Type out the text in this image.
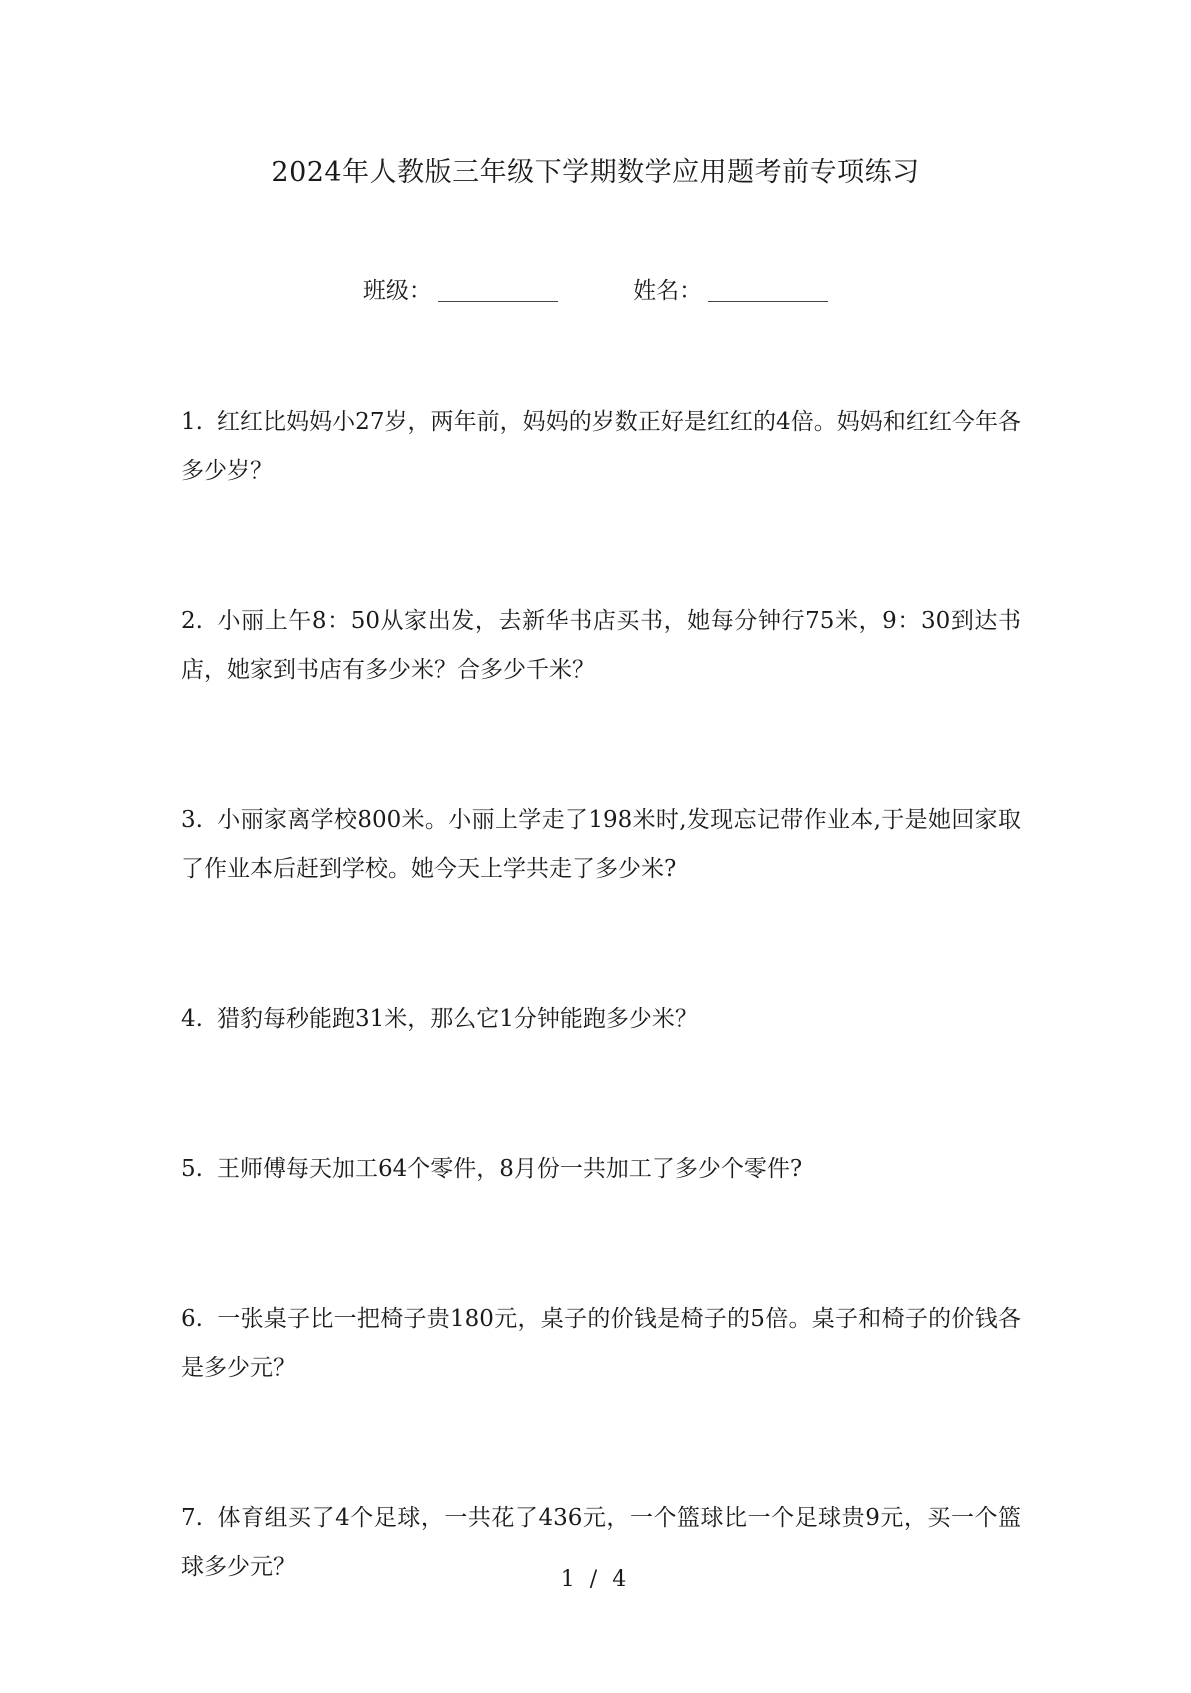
2024年人教版三年级下学期数学应用题考前专项练习
班级：	姓名：
1. 红红比妈妈小27岁，两年前，妈妈的岁数正好是红红的4倍。妈妈和红红今年各多少岁？
2. 小丽上午8：50从家出发，去新华书店买书，她每分钟行75米，9：30到达书店，她家到书店有多少米？合多少千米？
3. 小丽家离学校800米。小丽上学走了198米时,发现忘记带作业本,于是她回家取了作业本后赶到学校。她今天上学共走了多少米?
4. 猎豹每秒能跑31米，那么它1分钟能跑多少米？
5. 王师傅每天加工64个零件，8月份一共加工了多少个零件?
6. 一张桌子比一把椅子贵180元，桌子的价钱是椅子的5倍。桌子和椅子的价钱各是多少元？
7. 体育组买了4个足球，一共花了436元，一个篮球比一个足球贵9元，买一个篮球多少元？	1 / 4
